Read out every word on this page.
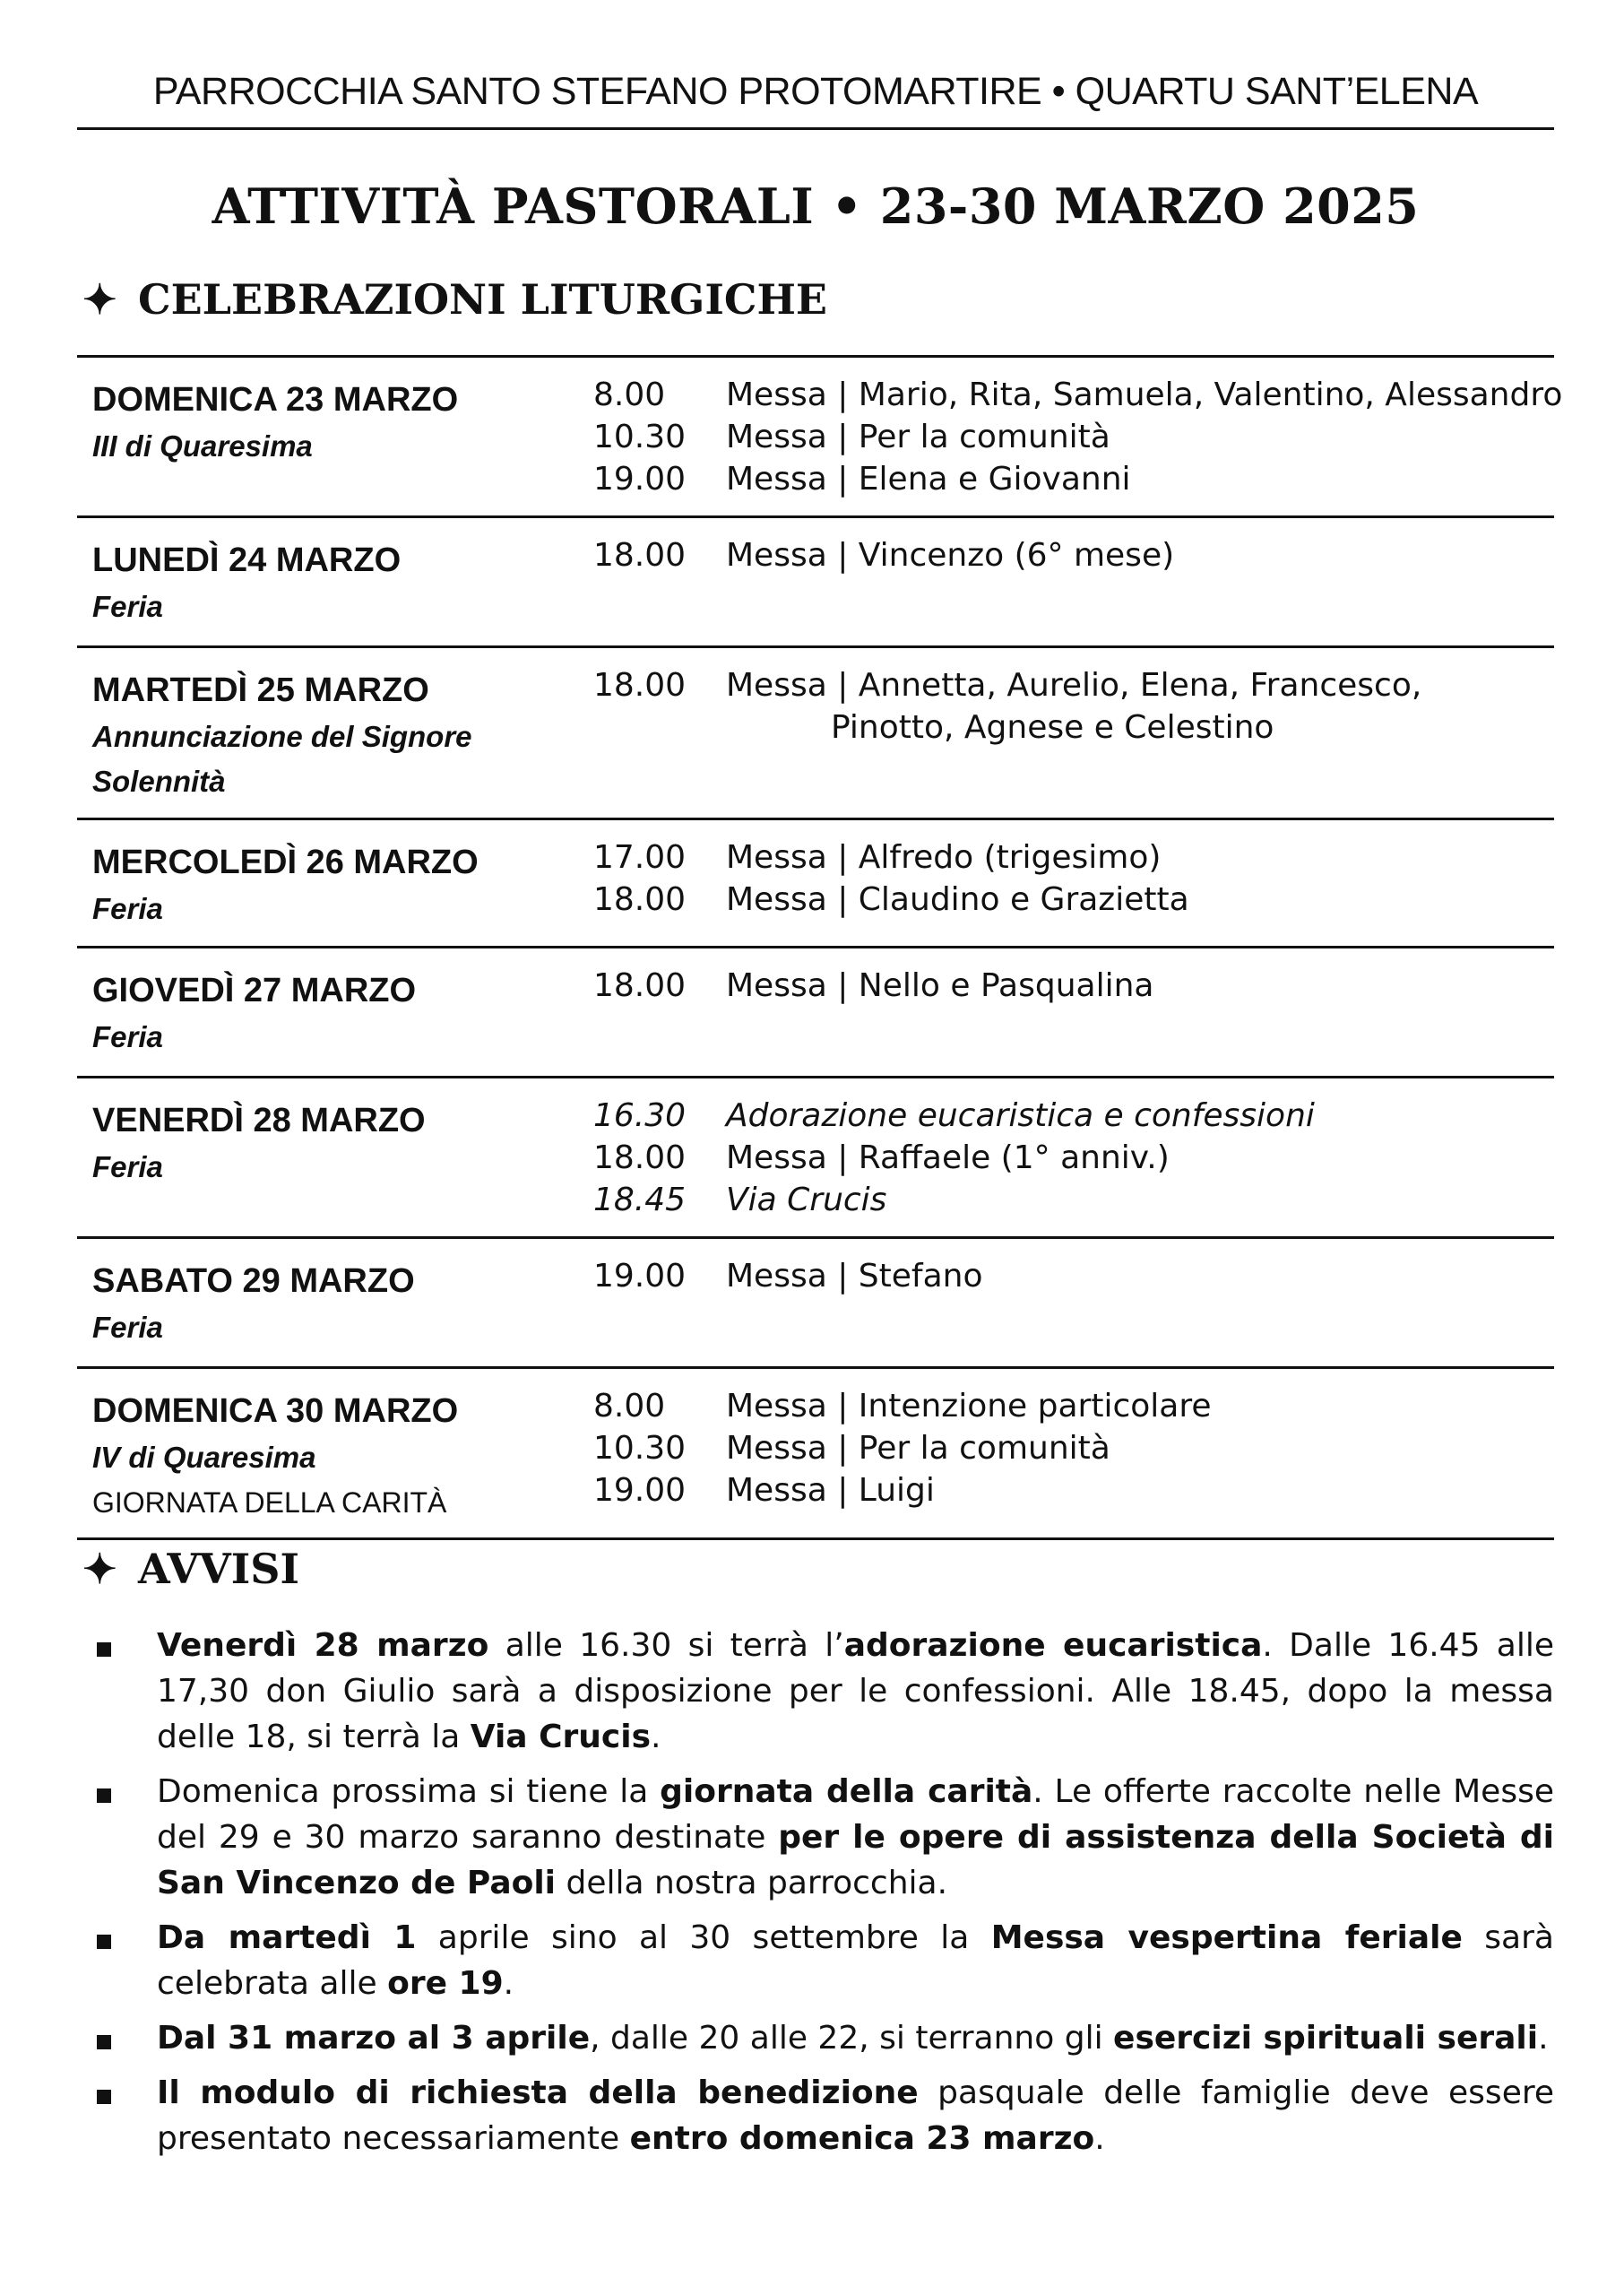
PARROCCHIA SANTO STEFANO PROTOMARTIRE • QUARTU SANT’ELENA
ATTIVITÀ PASTORALI • 23-30 MARZO 2025
✦ CELEBRAZIONI LITURGICHE
DOMENICA 23 MARZO
III di Quaresima
8.00 Messa | Mario, Rita, Samuela, Valentino, Alessandro
10.30 Messa | Per la comunità
19.00 Messa | Elena e Giovanni
LUNEDÌ 24 MARZO
Feria
18.00 Messa | Vincenzo (6° mese)
MARTEDÌ 25 MARZO
Annunciazione del Signore
Solennità
18.00 Messa | Annetta, Aurelio, Elena, Francesco,
Pinotto, Agnese e Celestino
MERCOLEDÌ 26 MARZO
Feria
17.00 Messa | Alfredo (trigesimo)
18.00 Messa | Claudino e Grazietta
GIOVEDÌ 27 MARZO
Feria
18.00 Messa | Nello e Pasqualina
VENERDÌ 28 MARZO
Feria
16.30 Adorazione eucaristica e confessioni
18.00 Messa | Raffaele (1° anniv.)
18.45 Via Crucis
SABATO 29 MARZO
Feria
19.00 Messa | Stefano
DOMENICA 30 MARZO
IV di Quaresima
GIORNATA DELLA CARITÀ
8.00 Messa | Intenzione particolare
10.30 Messa | Per la comunità
19.00 Messa | Luigi
✦ AVVISI
Venerdì 28 marzo alle 16.30 si terrà l’adorazione eucaristica. Dalle 16.45 alle 17,30 don Giulio sarà a disposizione per le confessioni. Alle 18.45, dopo la messa delle 18, si terrà la Via Crucis.
Domenica prossima si tiene la giornata della carità. Le offerte raccolte nelle Messe del 29 e 30 marzo saranno destinate per le opere di assistenza della Società di San Vincenzo de Paoli della nostra parrocchia.
Da martedì 1 aprile sino al 30 settembre la Messa vespertina feriale sarà celebrata alle ore 19.
Dal 31 marzo al 3 aprile, dalle 20 alle 22, si terranno gli esercizi spirituali serali.
Il modulo di richiesta della benedizione pasquale delle famiglie deve essere presentato necessariamente entro domenica 23 marzo.
